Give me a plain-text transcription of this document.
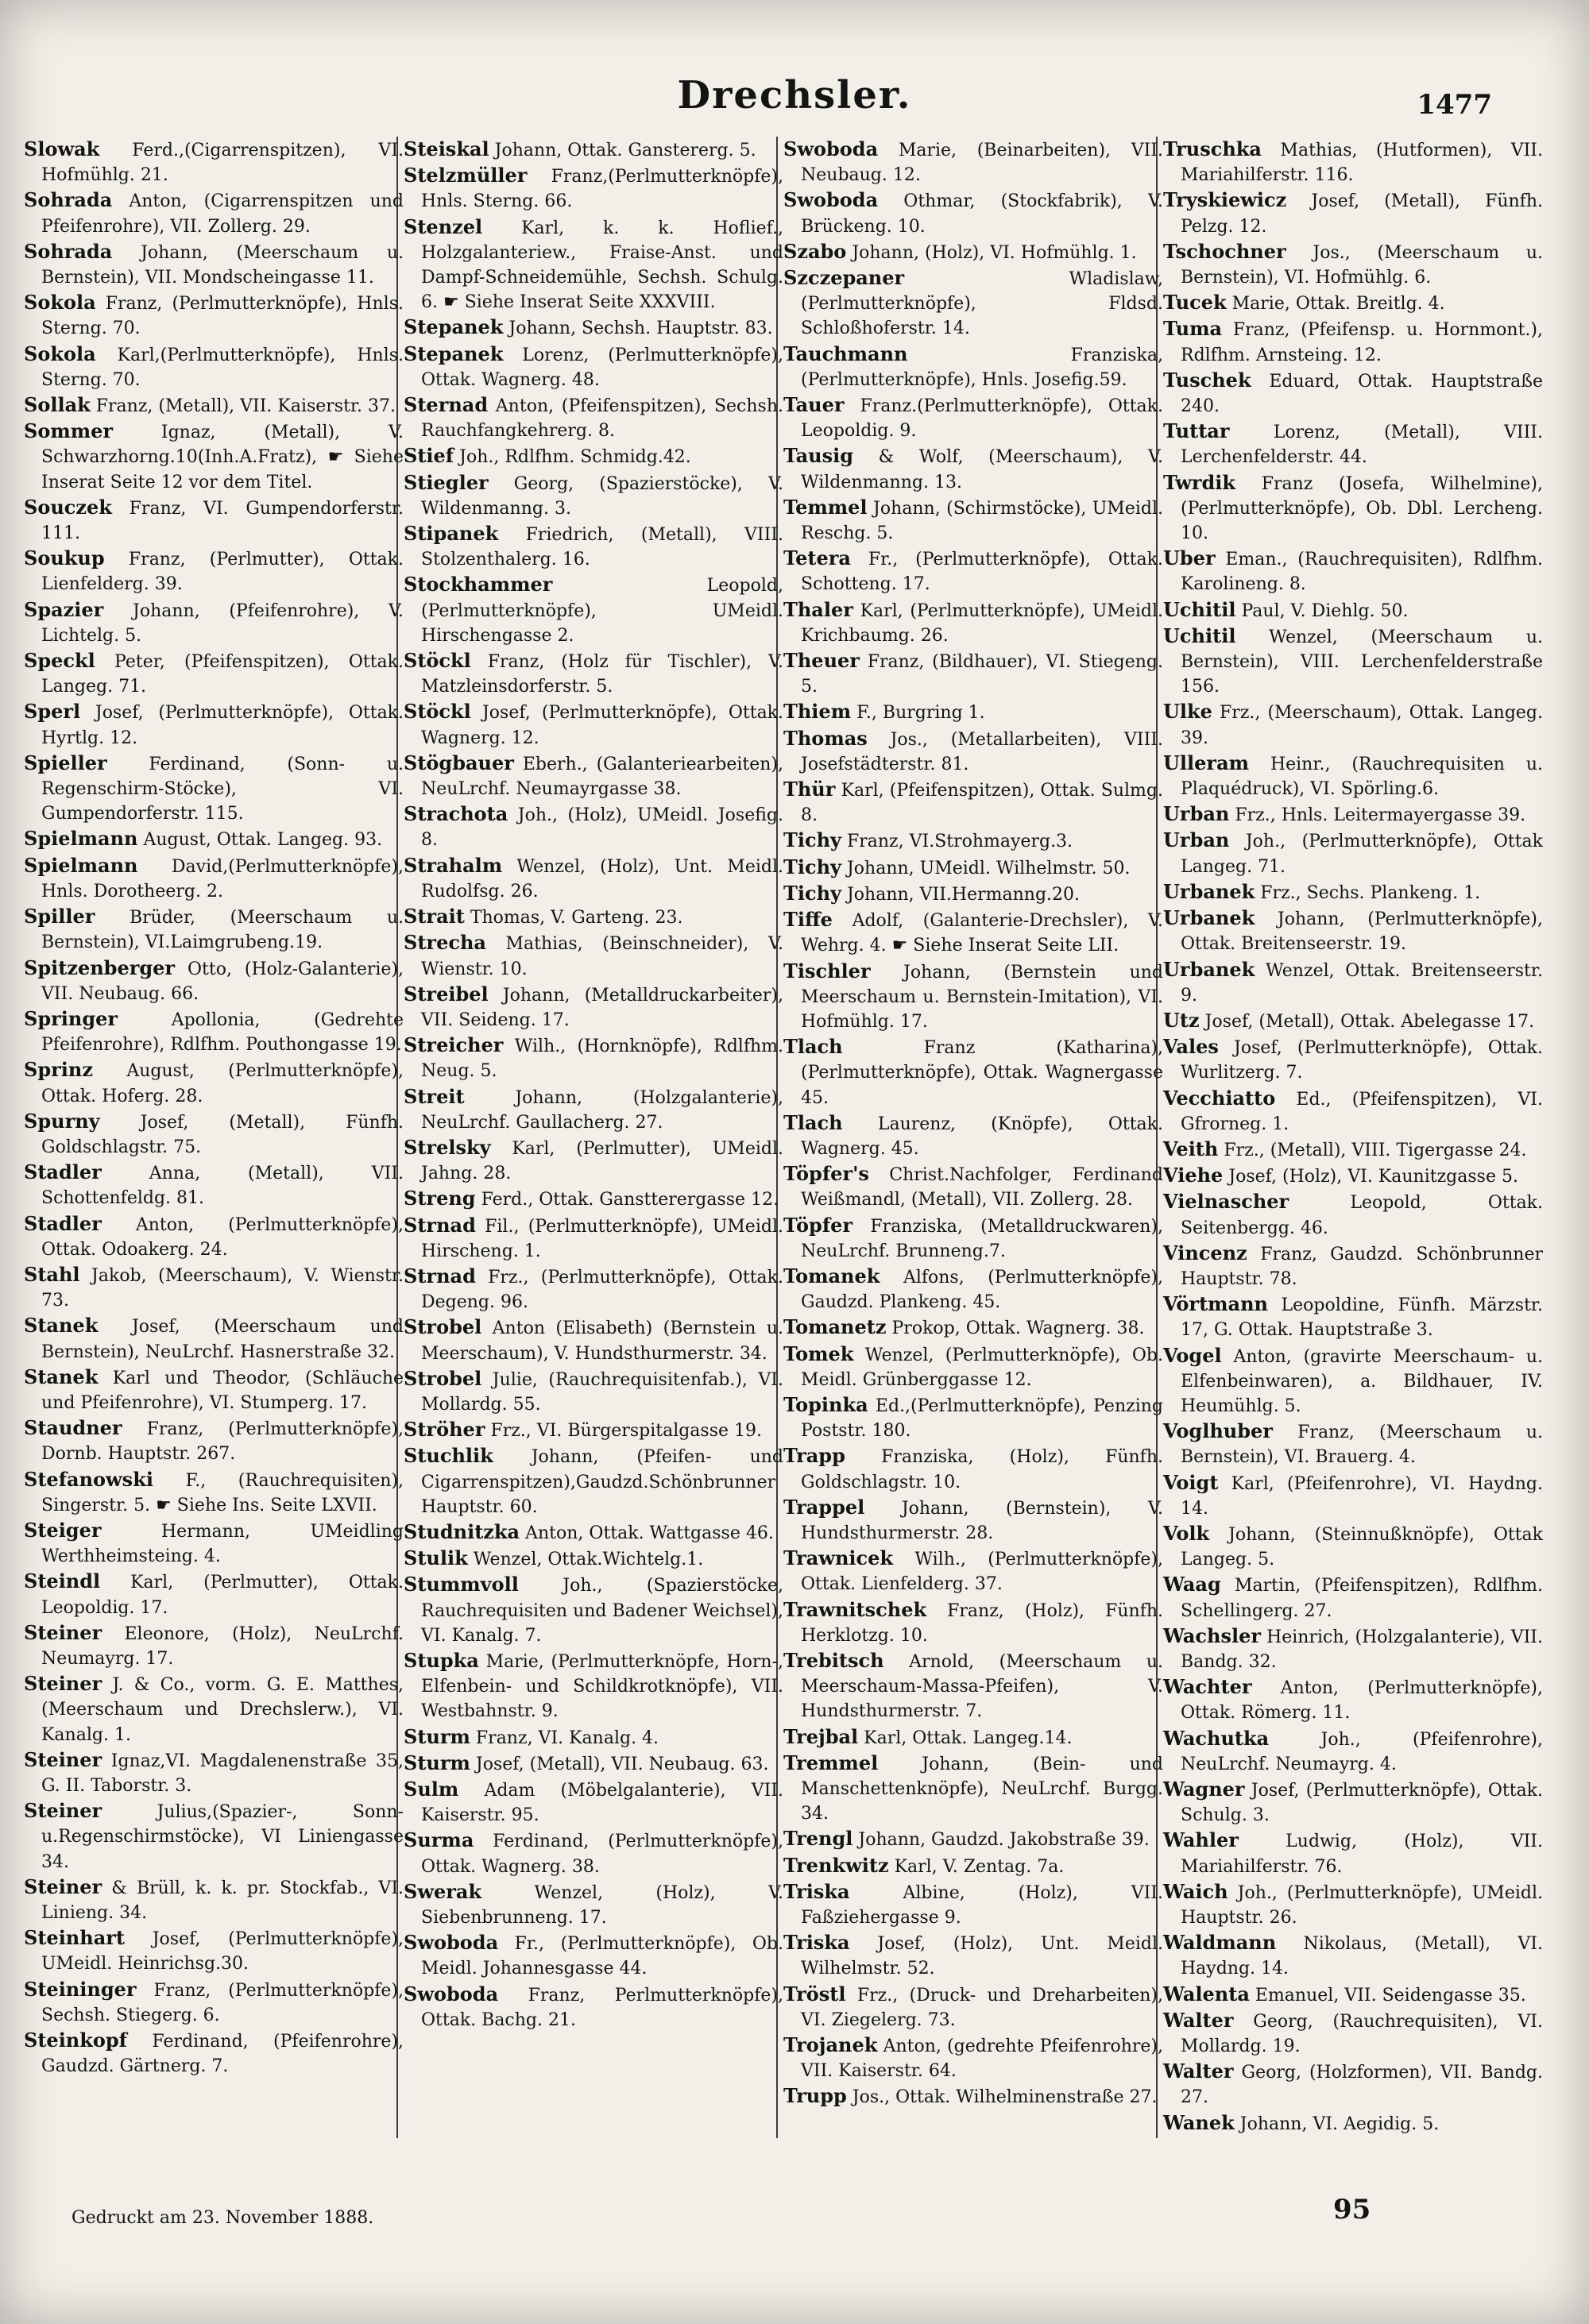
Drechsler.	1477

Slowak Ferd.,(Cigarrenspitzen), VI. Hofmühlg. 21.

Sohrada Anton, (Cigarrenspitzen und Pfeifenrohre), VII. Zollerg. 29.

Sohrada Johann, (Meerschaum u. Bernstein), VII. Mondscheingasse 11.

Sokola Franz, (Perlmutterknöpfe), Hnls. Sterng. 70.

Sokola Karl,(Perlmutterknöpfe), Hnls. Sterng. 70.

Sollak Franz, (Metall), VII. Kaiserstr. 37.

Sommer	Ignaz, (Metall), V. Schwarzhorng.10(Inh.A.Fratz), ☛ Siehe Inserat Seite 12 vor dem Titel.

Souczek Franz, VI. Gumpendorferstr. 111.

Soukup Franz, (Perlmutter), Ottak. Lienfelderg. 39.

Spazier Johann, (Pfeifenrohre), V. Lichtelg. 5.

Speckl Peter, (Pfeifenspitzen), Ottak. Langeg. 71.

Sperl Josef, (Perlmutterknöpfe), Ottak. Hyrtlg. 12.

Spieller Ferdinand, (Sonn- u. Regenschirm-Stöcke), VI. Gumpendorferstr. 115.

Spielmann August, Ottak. Langeg. 93.

Spielmann David,(Perlmutterknöpfe), Hnls. Dorotheerg. 2.

Spiller Brüder, (Meerschaum u. Bernstein), VI.Laimgrubeng.19.

Spitzenberger Otto, (Holz-Galanterie), VII. Neubaug. 66.

Springer	Apollonia, (Gedrehte Pfeifenrohre), Rdlfhm. Pouthongasse 19.

Sprinz August, (Perlmutterknöpfe), Ottak. Hoferg. 28.

Spurny Josef, (Metall), Fünfh. Goldschlagstr. 75.

Stadler	Anna, (Metall), VII. Schottenfeldg. 81.

Stadler Anton, (Perlmutterknöpfe), Ottak. Odoakerg. 24.

Stahl Jakob, (Meerschaum), V. Wienstr. 73.

Stanek Josef, (Meerschaum und Bernstein), NeuLrchf. Hasnerstraße 32.

Stanek Karl und Theodor, (Schläuche und Pfeifenrohre), VI. Stumperg. 17.

Staudner Franz, (Perlmutterknöpfe), Dornb. Hauptstr. 267.

Stefanowski F., (Rauchrequisiten), Singerstr. 5. ☛ Siehe Ins. Seite LXVII.

Steiger	Hermann, UMeidling Werthheimsteing. 4.

Steindl Karl, (Perlmutter), Ottak. Leopoldig. 17.

Steiner Eleonore, (Holz), NeuLrchf. Neumayrg. 17.

Steiner J. & Co., vorm. G. E. Matthes, (Meerschaum und Drechslerw.), VI. Kanalg. 1.

Steiner Ignaz,VI. Magdalenenstraße 35, G. II. Taborstr. 3.

Steiner	Julius,(Spazier-, Sonn- u.Regenschirmstöcke), VI Liniengasse 34.

Steiner & Brüll, k. k. pr. Stockfab., VI. Linieng. 34.

Steinhart Josef, (Perlmutterknöpfe), UMeidl. Heinrichsg.30.

Steininger Franz, (Perlmutterknöpfe), Sechsh. Stiegerg. 6.

Steinkopf Ferdinand, (Pfeifenrohre), Gaudzd. Gärtnerg. 7.

Steiskal Johann, Ottak. Ganstererg. 5.

Stelzmüller Franz,(Perlmutterknöpfe), Hnls. Sterng. 66.

Stenzel Karl, k. k. Hoflief., Holzgalanteriew., Fraise-Anst. und Dampf-Schneidemühle, Sechsh. Schulg. 6. ☛ Siehe Inserat Seite XXXVIII.

Stepanek Johann, Sechsh. Hauptstr. 83.

Stepanek Lorenz, (Perlmutterknöpfe), Ottak. Wagnerg. 48.

Sternad Anton, (Pfeifenspitzen), Sechsh. Rauchfangkehrerg. 8.

Stief Joh., Rdlfhm. Schmidg.42.

Stiegler Georg, (Spazierstöcke), V. Wildenmanng. 3.

Stipanek Friedrich, (Metall), VIII. Stolzenthalerg. 16.

Stockhammer	Leopold, (Perlmutterknöpfe), UMeidl. Hirschengasse 2.

Stöckl Franz, (Holz für Tischler), V. Matzleinsdorferstr. 5.

Stöckl Josef, (Perlmutterknöpfe), Ottak. Wagnerg. 12.

Stögbauer Eberh., (Galanteriearbeiten), NeuLrchf. Neumayrgasse 38.

Strachota Joh., (Holz), UMeidl. Josefig. 8.

Strahalm Wenzel, (Holz), Unt. Meidl. Rudolfsg. 26.

Strait Thomas, V. Garteng. 23.

Strecha Mathias, (Beinschneider), V. Wienstr. 10.

Streibel Johann, (Metalldruckarbeiter), VII. Seideng. 17.

Streicher Wilh., (Hornknöpfe), Rdlfhm. Neug. 5.

Streit	Johann, (Holzgalanterie), NeuLrchf. Gaullacherg. 27.

Strelsky Karl, (Perlmutter), UMeidl. Jahng. 28.

Streng Ferd., Ottak. Ganstterergasse 12.

Strnad Fil., (Perlmutterknöpfe), UMeidl. Hirscheng. 1.

Strnad Frz., (Perlmutterknöpfe), Ottak. Degeng. 96.

Strobel Anton (Elisabeth) (Bernstein u. Meerschaum), V. Hundsthurmerstr. 34.

Strobel Julie, (Rauchrequisitenfab.), VI. Mollardg. 55.

Ströher Frz., VI. Bürgerspitalgasse 19.

Stuchlik Johann, (Pfeifen- und Cigarrenspitzen),Gaudzd.Schönbrunner Hauptstr. 60.

Studnitzka Anton, Ottak. Wattgasse 46.

Stulik Wenzel, Ottak.Wichtelg.1.

Stummvoll	Joh., (Spazierstöcke, Rauchrequisiten und Badener Weichsel), VI. Kanalg. 7.

Stupka Marie, (Perlmutterknöpfe, Horn-, Elfenbein- und Schildkrotknöpfe), VII. Westbahnstr. 9.

Sturm Franz, VI. Kanalg. 4.

Sturm Josef, (Metall), VII. Neubaug. 63.

Sulm Adam (Möbelgalanterie), VII. Kaiserstr. 95.

Surma Ferdinand, (Perlmutterknöpfe), Ottak. Wagnerg. 38.

Swerak	Wenzel, (Holz), V. Siebenbrunneng. 17.

Swoboda Fr., (Perlmutterknöpfe), Ob. Meidl. Johannesgasse 44.

Swoboda Franz, Perlmutterknöpfe), Ottak. Bachg. 21.

Swoboda Marie, (Beinarbeiten), VII. Neubaug. 12.

Swoboda Othmar, (Stockfabrik), V. Brückeng. 10.

Szabo Johann, (Holz), VI. Hofmühlg. 1.

Szczepaner	Wladislaw, (Perlmutterknöpfe), Fldsd. Schloßhoferstr. 14.

Tauchmann	Franziska, (Perlmutterknöpfe), Hnls. Josefig.59.

Tauer Franz.(Perlmutterknöpfe), Ottak. Leopoldig. 9.

Tausig & Wolf, (Meerschaum), V. Wildenmanng. 13.

Temmel Johann, (Schirmstöcke), UMeidl. Reschg. 5.

Tetera Fr., (Perlmutterknöpfe), Ottak. Schotteng. 17.

Thaler Karl, (Perlmutterknöpfe), UMeidl. Krichbaumg. 26.

Theuer Franz, (Bildhauer), VI. Stiegeng. 5.

Thiem F., Burgring 1.

Thomas Jos., (Metallarbeiten), VIII. Josefstädterstr. 81.

Thür Karl, (Pfeifenspitzen), Ottak. Sulmg. 8.

Tichy Franz, VI.Strohmayerg.3.

Tichy Johann, UMeidl. Wilhelmstr. 50.

Tichy Johann, VII.Hermanng.20.

Tiffe Adolf, (Galanterie-Drechsler), V. Wehrg. 4. ☛ Siehe Inserat Seite LII.

Tischler Johann, (Bernstein und Meerschaum u. Bernstein-Imitation), VI. Hofmühlg. 17.

Tlach	Franz (Katharina), (Perlmutterknöpfe), Ottak. Wagnergasse 45.

Tlach Laurenz, (Knöpfe), Ottak. Wagnerg. 45.

Töpfer's Christ.Nachfolger, Ferdinand Weißmandl, (Metall), VII. Zollerg. 28.

Töpfer Franziska, (Metalldruckwaren), NeuLrchf. Brunneng.7.

Tomanek Alfons, (Perlmutterknöpfe), Gaudzd. Plankeng. 45.

Tomanetz Prokop, Ottak. Wagnerg. 38.

Tomek Wenzel, (Perlmutterknöpfe), Ob. Meidl. Grünberggasse 12.

Topinka Ed.,(Perlmutterknöpfe), Penzing Poststr. 180.

Trapp Franziska, (Holz), Fünfh. Goldschlagstr. 10.

Trappel Johann, (Bernstein), V. Hundsthurmerstr. 28.

Trawnicek Wilh., (Perlmutterknöpfe), Ottak. Lienfelderg. 37.

Trawnitschek Franz, (Holz), Fünfh. Herklotzg. 10.

Trebitsch Arnold, (Meerschaum u. Meerschaum-Massa-Pfeifen), V. Hundsthurmerstr. 7.

Trejbal Karl, Ottak. Langeg.14.

Tremmel	Johann, (Bein- und Manschettenknöpfe), NeuLrchf. Burgg. 34.

Trengl Johann, Gaudzd. Jakobstraße 39.

Trenkwitz Karl, V. Zentag. 7a.

Triska	Albine, (Holz), VII. Faßziehergasse 9.

Triska Josef, (Holz), Unt. Meidl. Wilhelmstr. 52.

Tröstl Frz., (Druck- und Dreharbeiten), VI. Ziegelerg. 73.

Trojanek Anton, (gedrehte Pfeifenrohre), VII. Kaiserstr. 64.

Trupp Jos., Ottak. Wilhelminenstraße 27.

Truschka Mathias, (Hutformen), VII. Mariahilferstr. 116.

Tryskiewicz Josef, (Metall), Fünfh. Pelzg. 12.

Tschochner Jos., (Meerschaum u. Bernstein), VI. Hofmühlg. 6.

Tucek Marie, Ottak. Breitlg. 4.

Tuma Franz, (Pfeifensp. u. Hornmont.), Rdlfhm. Arnsteing. 12.

Tuschek Eduard, Ottak. Hauptstraße 240.

Tuttar	Lorenz, (Metall), VIII. Lerchenfelderstr. 44.

Twrdik Franz (Josefa, Wilhelmine), (Perlmutterknöpfe), Ob. Dbl. Lercheng. 10.

Uber Eman., (Rauchrequisiten), Rdlfhm. Karolineng. 8.

Uchitil Paul, V. Diehlg. 50.

Uchitil Wenzel, (Meerschaum u. Bernstein), VIII. Lerchenfelderstraße 156.

Ulke Frz., (Meerschaum), Ottak. Langeg. 39.

Ulleram Heinr., (Rauchrequisiten u. Plaquédruck), VI. Spörling.6.

Urban Frz., Hnls. Leitermayergasse 39.

Urban Joh., (Perlmutterknöpfe), Ottak Langeg. 71.

Urbanek Frz., Sechs. Plankeng. 1.

Urbanek Johann, (Perlmutterknöpfe), Ottak. Breitenseerstr. 19.

Urbanek Wenzel, Ottak. Breitenseerstr. 9.

Utz Josef, (Metall), Ottak. Abelegasse 17.

Vales Josef, (Perlmutterknöpfe), Ottak. Wurlitzerg. 7.

Vecchiatto Ed., (Pfeifenspitzen), VI. Gfrorneg. 1.

Veith Frz., (Metall), VIII. Tigergasse 24.

Viehe Josef, (Holz), VI. Kaunitzgasse 5.

Vielnascher	Leopold, Ottak. Seitenbergg. 46.

Vincenz Franz, Gaudzd. Schönbrunner Hauptstr. 78.

Vörtmann Leopoldine, Fünfh. Märzstr. 17, G. Ottak. Hauptstraße 3.

Vogel Anton, (gravirte Meerschaum- u. Elfenbeinwaren), a. Bildhauer, IV. Heumühlg. 5.

Voglhuber Franz, (Meerschaum u. Bernstein), VI. Brauerg. 4.

Voigt Karl, (Pfeifenrohre), VI. Haydng. 14.

Volk Johann, (Steinnußknöpfe), Ottak Langeg. 5.

Waag Martin, (Pfeifenspitzen), Rdlfhm. Schellingerg. 27.

Wachsler Heinrich, (Holzgalanterie), VII. Bandg. 32.

Wachter Anton, (Perlmutterknöpfe), Ottak. Römerg. 11.

Wachutka	Joh., (Pfeifenrohre), NeuLrchf. Neumayrg. 4.

Wagner Josef, (Perlmutterknöpfe), Ottak. Schulg. 3.

Wahler	Ludwig, (Holz), VII. Mariahilferstr. 76.

Waich Joh., (Perlmutterknöpfe), UMeidl. Hauptstr. 26.

Waldmann Nikolaus, (Metall), VI. Haydng. 14.

Walenta Emanuel, VII. Seidengasse 35.

Walter Georg, (Rauchrequisiten), VI. Mollardg. 19.

Walter Georg, (Holzformen), VII. Bandg. 27.

Wanek Johann, VI. Aegidig. 5.

Gedruckt am 23. November 1888.	95
